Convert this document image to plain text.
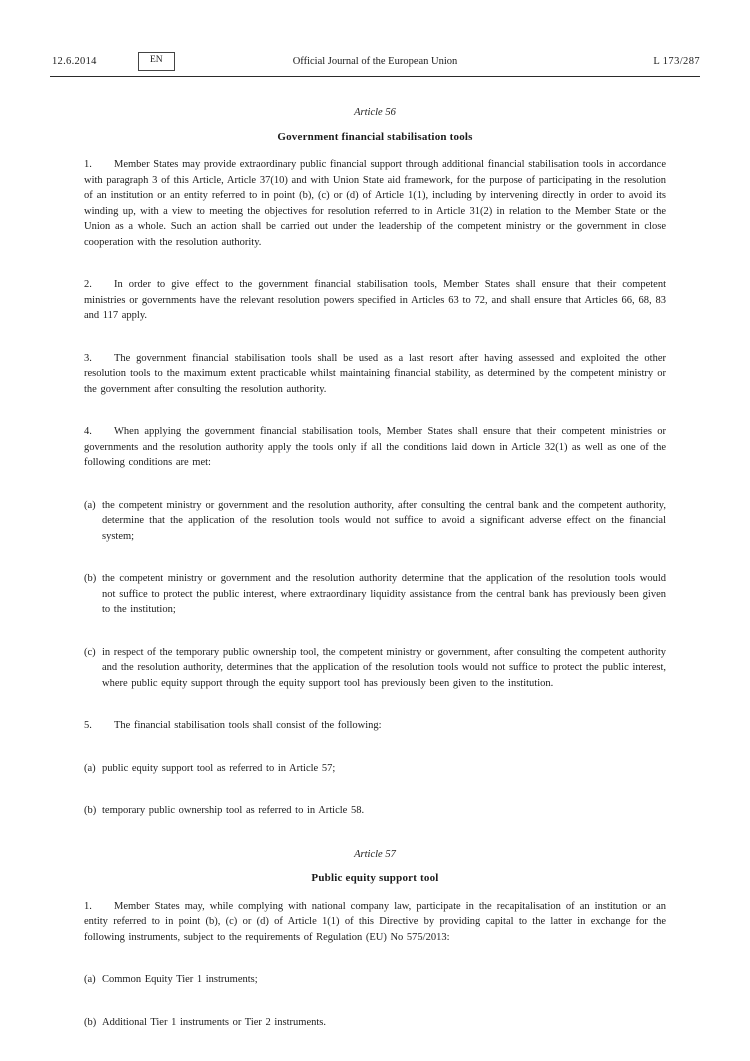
12.6.2014	EN	Official Journal of the European Union	L 173/287
Article 56
Government financial stabilisation tools

1. Member States may provide extraordinary public financial support through additional financial stabilisation tools in accordance with paragraph 3 of this Article, Article 37(10) and with Union State aid framework, for the purpose of participating in the resolution of an institution or an entity referred to in point (b), (c) or (d) of Article 1(1), including by intervening directly in order to avoid its winding up, with a view to meeting the objectives for resolution referred to in Article 31(2) in relation to the Member State or the Union as a whole. Such an action shall be carried out under the leadership of the competent ministry or the government in close cooperation with the resolution authority.

2. In order to give effect to the government financial stabilisation tools, Member States shall ensure that their competent ministries or governments have the relevant resolution powers specified in Articles 63 to 72, and shall ensure that Articles 66, 68, 83 and 117 apply.

3. The government financial stabilisation tools shall be used as a last resort after having assessed and exploited the other resolution tools to the maximum extent practicable whilst maintaining financial stability, as determined by the competent ministry or the government after consulting the resolution authority.

4. When applying the government financial stabilisation tools, Member States shall ensure that their competent ministries or governments and the resolution authority apply the tools only if all the conditions laid down in Article 32(1) as well as one of the following conditions are met:

(a) the competent ministry or government and the resolution authority, after consulting the central bank and the competent authority, determine that the application of the resolution tools would not suffice to avoid a significant adverse effect on the financial system;
(b) the competent ministry or government and the resolution authority determine that the application of the resolution tools would not suffice to protect the public interest, where extraordinary liquidity assistance from the central bank has previously been given to the institution;
(c) in respect of the temporary public ownership tool, the competent ministry or government, after consulting the competent authority and the resolution authority, determines that the application of the resolution tools would not suffice to protect the public interest, where public equity support through the equity support tool has previously been given to the institution.

5. The financial stabilisation tools shall consist of the following:

(a) public equity support tool as referred to in Article 57;
(b) temporary public ownership tool as referred to in Article 58.
Article 57
Public equity support tool

1. Member States may, while complying with national company law, participate in the recapitalisation of an institution or an entity referred to in point (b), (c) or (d) of Article 1(1) of this Directive by providing capital to the latter in exchange for the following instruments, subject to the requirements of Regulation (EU) No 575/2013:

(a) Common Equity Tier 1 instruments;
(b) Additional Tier 1 instruments or Tier 2 instruments.
